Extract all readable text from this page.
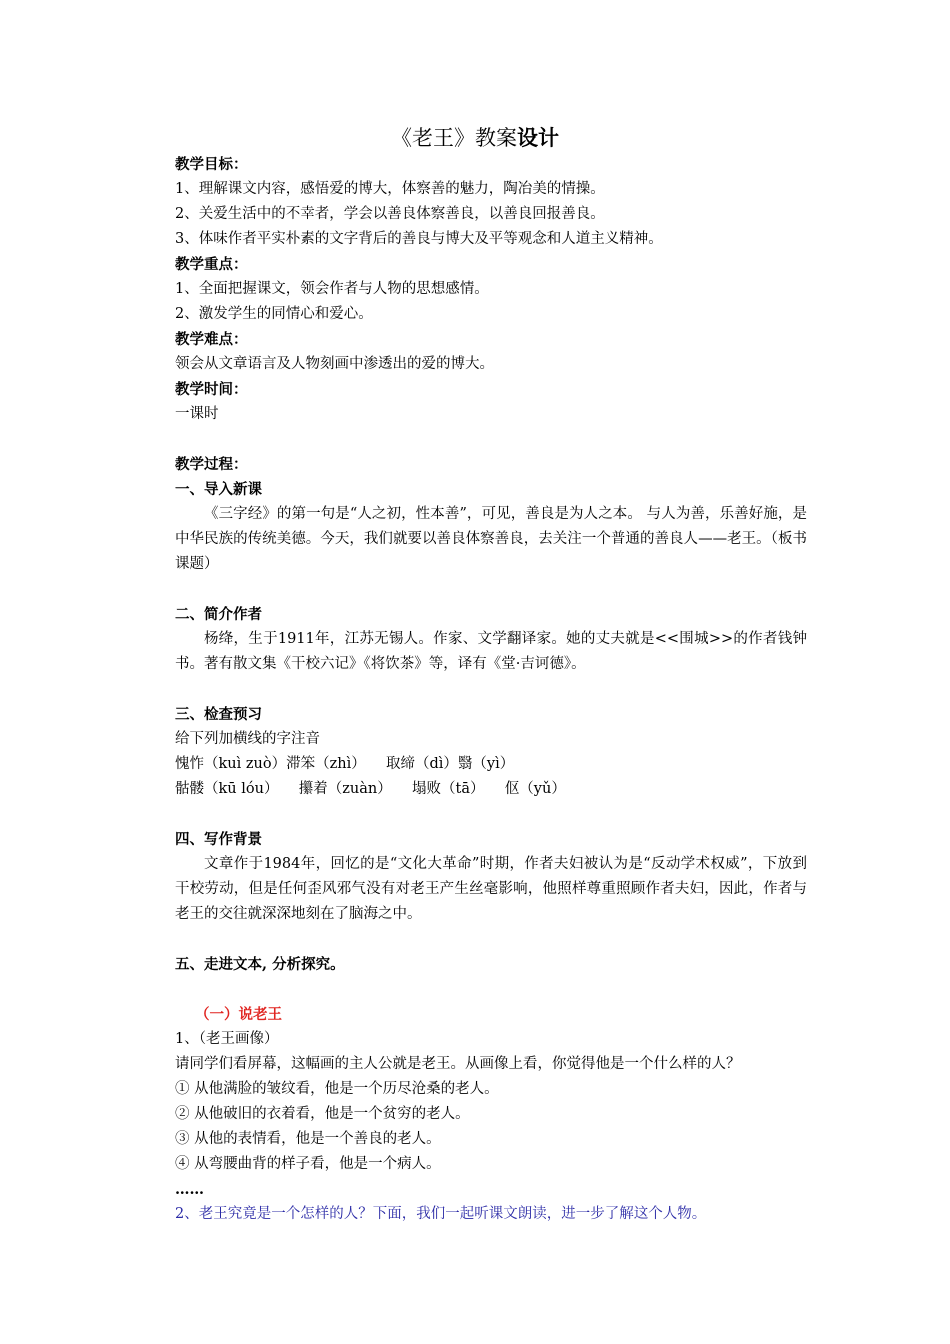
《老王》教案设计
教学目标：
1、理解课文内容，感悟爱的博大，体察善的魅力，陶冶美的情操。
2、关爱生活中的不幸者，学会以善良体察善良，以善良回报善良。
3、体味作者平实朴素的文字背后的善良与博大及平等观念和人道主义精神。
教学重点：
1、全面把握课文，领会作者与人物的思想感情。
2、激发学生的同情心和爱心。
教学难点：
领会从文章语言及人物刻画中渗透出的爱的博大。
教学时间：
一课时
教学过程：
一、导入新课
《三字经》的第一句是“人之初，性本善”，可见，善良是为人之本。 与人为善，乐善好施，是中华民族的传统美德。今天，我们就要以善良体察善良，去关注一个普通的善良人——老王。（板书课题）
二、简介作者
杨绛，生于1911年，江苏无锡人。作家、文学翻译家。她的丈夫就是<<围城>>的作者钱钟书。著有散文集《干校六记》《将饮茶》等，译有《堂·吉诃德》。
三、检查预习
给下列加横线的字注音
愧怍（kuì zuò）滞笨（zhì） 取缔（dì）翳（yì）
骷髅（kū lóu） 攥着（zuàn） 塌败（tā） 伛（yǔ）
四、写作背景
文章作于1984年，回忆的是“文化大革命”时期，作者夫妇被认为是“反动学术权威”，下放到干校劳动，但是任何歪风邪气没有对老王产生丝毫影响，他照样尊重照顾作者夫妇，因此，作者与老王的交往就深深地刻在了脑海之中。
五、走进文本, 分析探究。
（一）说老王
1、（老王画像）
请同学们看屏幕，这幅画的主人公就是老王。从画像上看，你觉得他是一个什么样的人？
① 从他满脸的皱纹看，他是一个历尽沧桑的老人。
② 从他破旧的衣着看，他是一个贫穷的老人。
③ 从他的表情看，他是一个善良的老人。
④ 从弯腰曲背的样子看，他是一个病人。
……
2、老王究竟是一个怎样的人？下面，我们一起听课文朗读，进一步了解这个人物。
